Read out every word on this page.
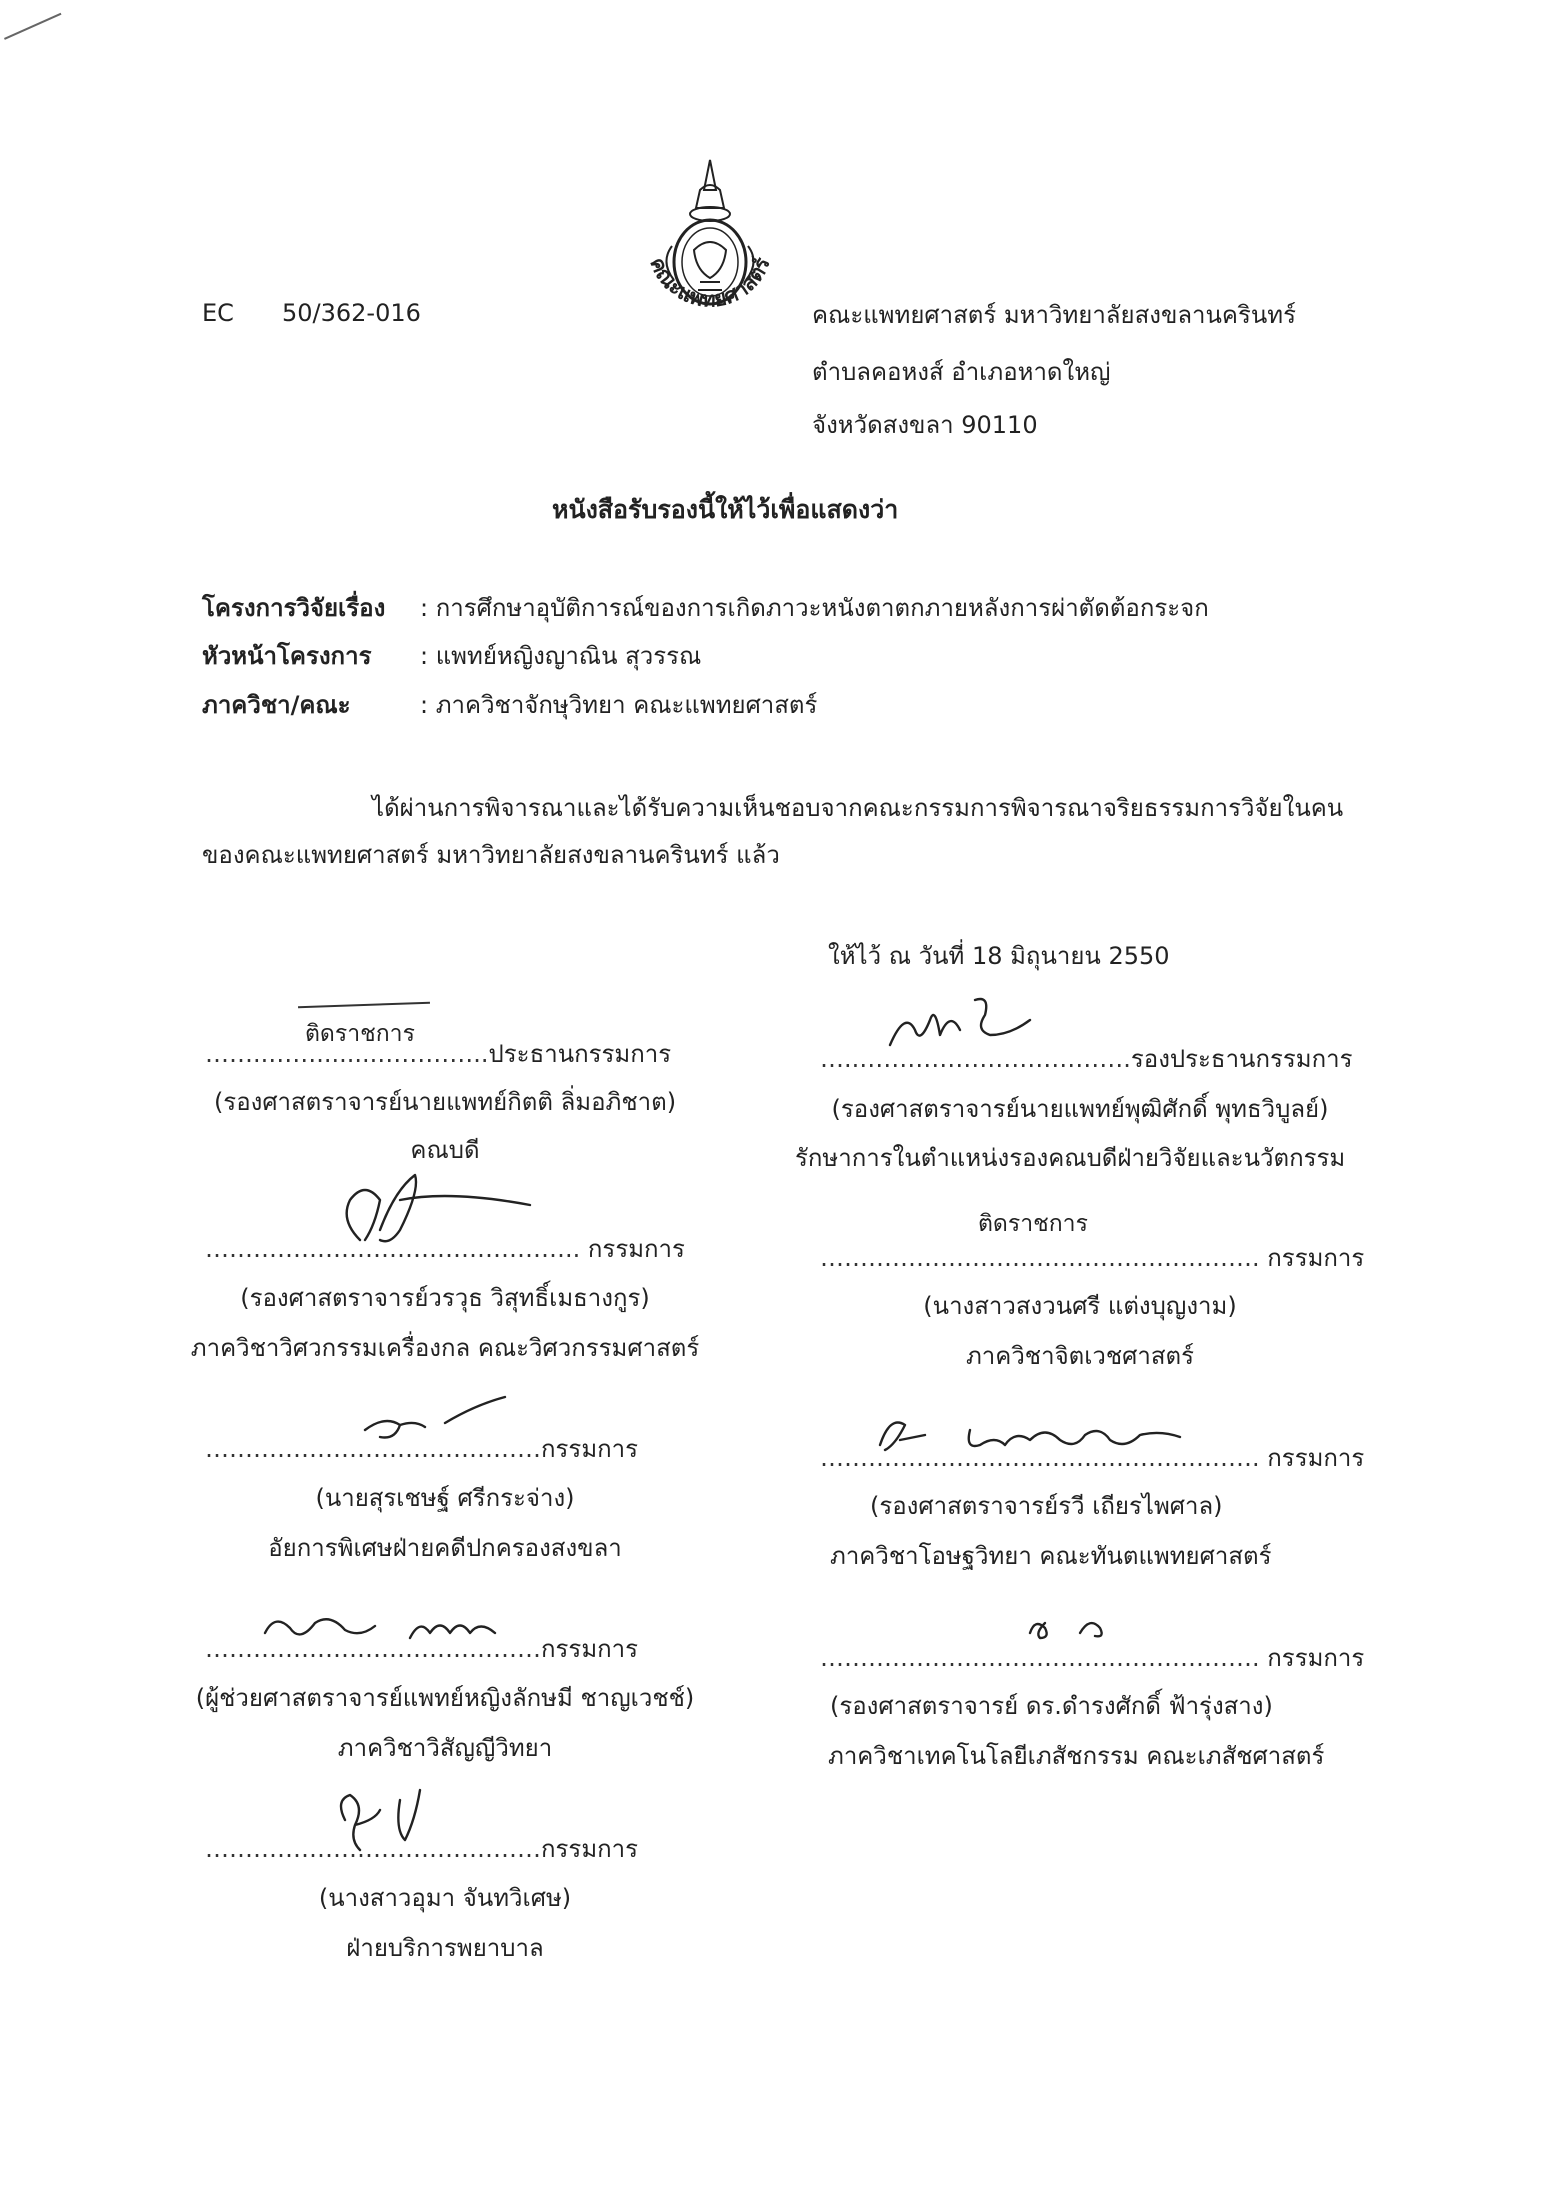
คณะแพทยศาสตร์
EC 50/362-016	คณะแพทยศาสตร์ มหาวิทยาลัยสงขลานครินทร์
ตำบลคอหงส์ อำเภอหาดใหญ่
จังหวัดสงขลา 90110
หนังสือรับรองนี้ให้ไว้เพื่อแสดงว่า
โครงการวิจัยเรื่อง : การศึกษาอุบัติการณ์ของการเกิดภาวะหนังตาตกภายหลังการผ่าตัดต้อกระจก
หัวหน้าโครงการ : แพทย์หญิงญาณิน สุวรรณ
ภาควิชา/คณะ	: ภาควิชาจักษุวิทยา คณะแพทยศาสตร์
ได้ผ่านการพิจารณาและได้รับความเห็นชอบจากคณะกรรมการพิจารณาจริยธรรมการวิจัยในคน
ของคณะแพทยศาสตร์ มหาวิทยาลัยสงขลานครินทร์ แล้ว
ให้ไว้ ณ วันที่ 18 มิถุนายน 2550
ติดราชการ
……..……........…………..ประธานกรรมการ
(รองศาสตราจารย์นายแพทย์กิตติ ลิ่มอภิชาต)
คณบดี
……………………………………….. กรรมการ
(รองศาสตราจารย์วรวุธ วิสุทธิ์เมธางกูร)
ภาควิชาวิศวกรรมเครื่องกล คณะวิศวกรรมศาสตร์
……………………………………กรรมการ
(นายสุรเชษฐ์ ศรีกระจ่าง)
อัยการพิเศษฝ่ายคดีปกครองสงขลา
……………………………………กรรมการ
(ผู้ช่วยศาสตราจารย์แพทย์หญิงลักษมี ชาญเวชช์)
ภาควิชาวิสัญญีวิทยา
……………………………………กรรมการ
(นางสาวอุมา จันทวิเศษ)
ฝ่ายบริการพยาบาล
…..…………………………….รองประธานกรรมการ
(รองศาสตราจารย์นายแพทย์พุฒิศักดิ์ พุทธวิบูลย์)
รักษาการในตำแหน่งรองคณบดีฝ่ายวิจัยและนวัตกรรม
ติดราชการ
………………………………………………. กรรมการ
(นางสาวสงวนศรี แต่งบุญงาม)
ภาควิชาจิตเวชศาสตร์
………………………………………………. กรรมการ
(รองศาสตราจารย์รวี เถียรไพศาล)
ภาควิชาโอษฐวิทยา คณะทันตแพทยศาสตร์
………………………………………………. กรรมการ
(รองศาสตราจารย์ ดร.ดำรงศักดิ์ ฟ้ารุ่งสาง)
ภาควิชาเทคโนโลยีเภสัชกรรม คณะเภสัชศาสตร์
